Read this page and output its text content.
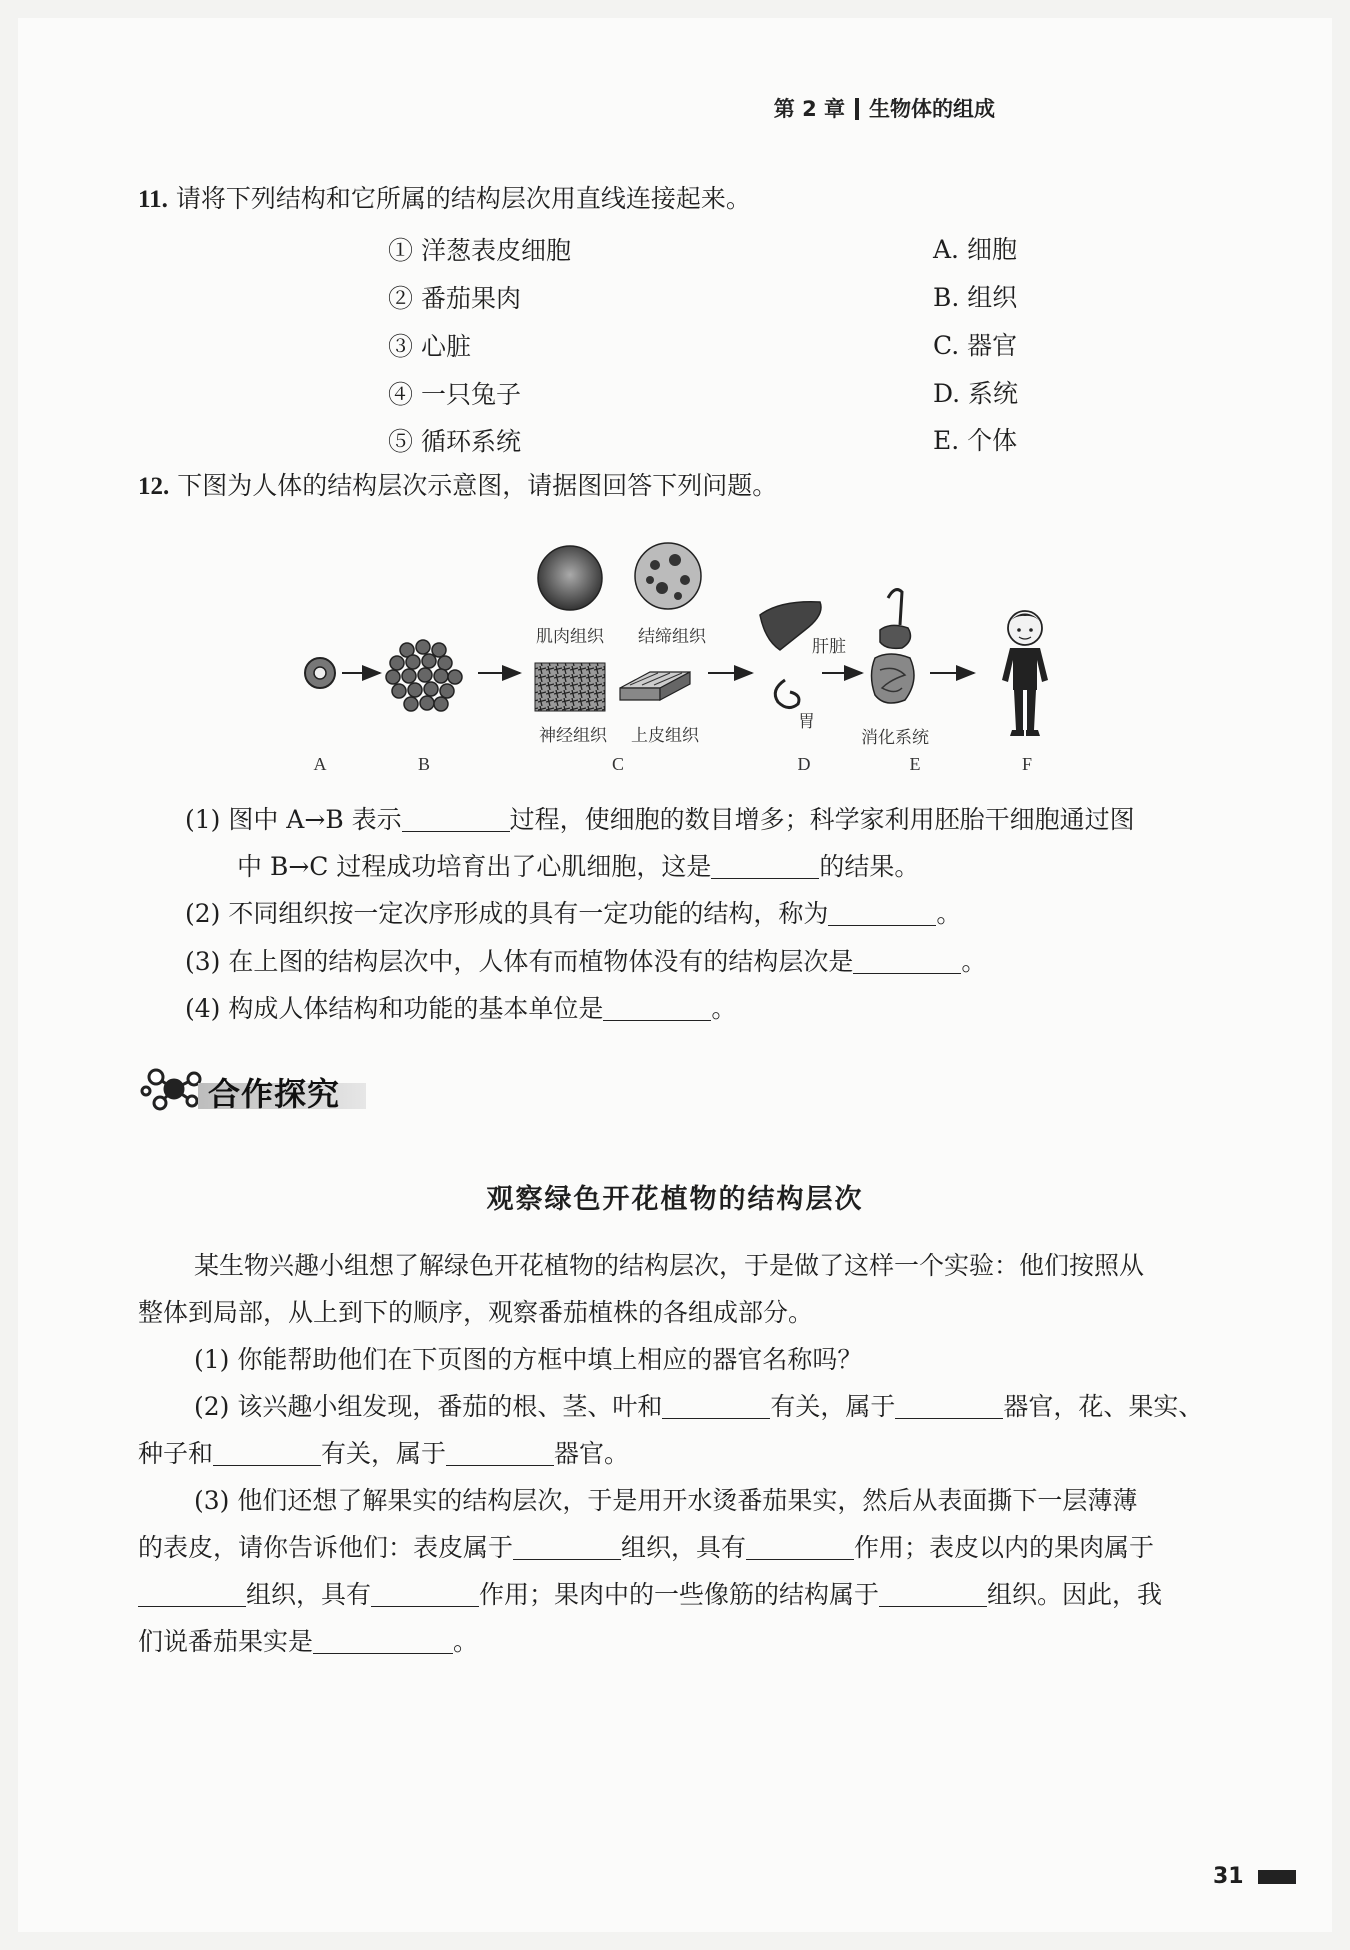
第 2 章 生物体的组成
11. 请将下列结构和它所属的结构层次用直线连接起来。
① 洋葱表皮细胞
② 番茄果肉
③ 心脏
④ 一只兔子
⑤ 循环系统
A. 细胞
B. 组织
C. 器官
D. 系统
E. 个体
12. 下图为人体的结构层次示意图，请据图回答下列问题。
肌肉组织 结缔组织
神经组织 上皮组织
肝脏
胃
消化系统
A	B	C	D	E	F
(1) 图中 A→B 表示	过程，使细胞的数目增多；科学家利用胚胎干细胞通过图
中 B→C 过程成功培育出了心肌细胞，这是	的结果。
(2) 不同组织按一定次序形成的具有一定功能的结构，称为	。
(3) 在上图的结构层次中，人体有而植物体没有的结构层次是	。
(4) 构成人体结构和功能的基本单位是	。
合作探究
观察绿色开花植物的结构层次
某生物兴趣小组想了解绿色开花植物的结构层次，于是做了这样一个实验：他们按照从
整体到局部，从上到下的顺序，观察番茄植株的各组成部分。
(1) 你能帮助他们在下页图的方框中填上相应的器官名称吗？
(2) 该兴趣小组发现，番茄的根、茎、叶和	有关，属于	器官，花、果实、
种子和	有关，属于	器官。
(3) 他们还想了解果实的结构层次，于是用开水烫番茄果实，然后从表面撕下一层薄薄
的表皮，请你告诉他们：表皮属于	组织，具有	作用；表皮以内的果肉属于
组织，具有	作用；果肉中的一些像筋的结构属于	组织。因此，我
们说番茄果实是	。
31
